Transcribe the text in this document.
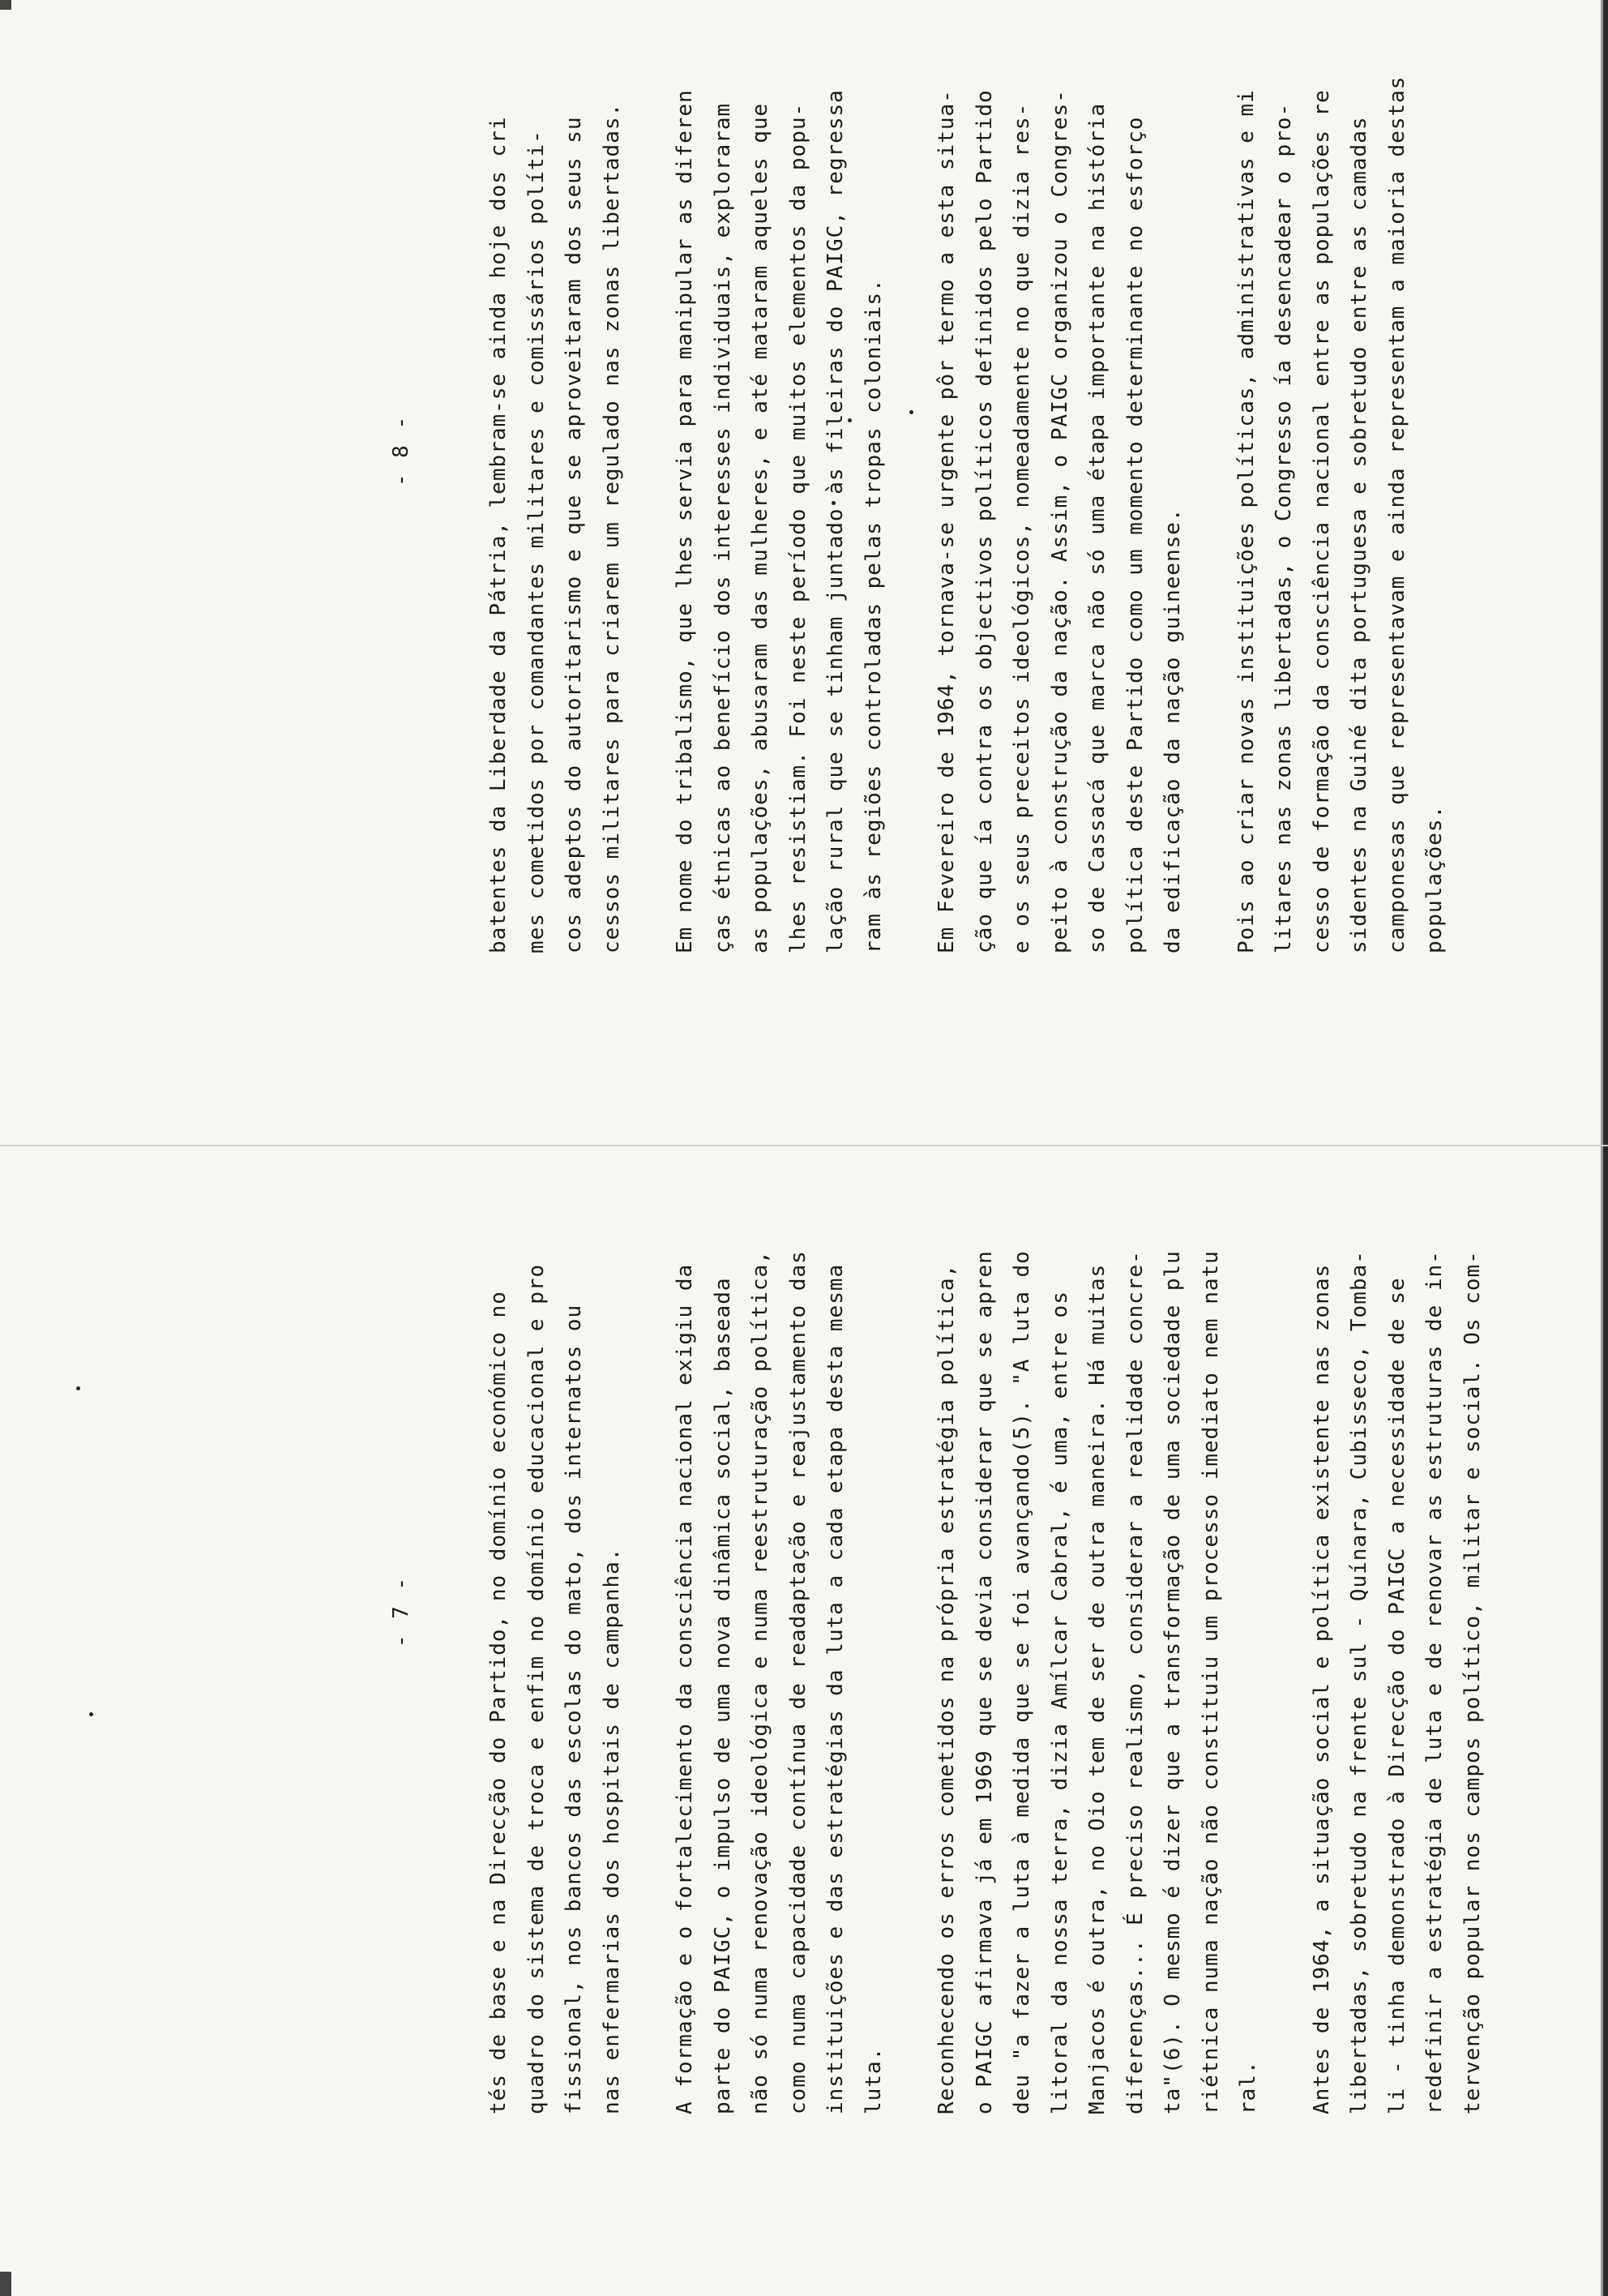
- 8 -	batentes da Liberdade da Pátria, lembram-se ainda hoje dos cri mes cometidos por comandantes militares e comissários políti- cos adeptos do autoritarismo e que se aproveitaram dos seus su cessos militares para criarem um regulado nas zonas libertadas.	Em nome do tribalismo, que lhes servia para manipular as diferen ças étnicas ao benefício dos interesses individuais, exploraram as populações, abusaram das mulheres, e até mataram aqueles que lhes resistiam. Foi neste período que muitos elementos da popu- lação rural que se tinham juntado às fileiras do PAIGC, regressa ram às regiões controladas pelas tropas coloniais.	Em Fevereiro de 1964, tornava-se urgente pôr termo a esta situa- ção que ía contra os objectivos políticos definidos pelo Partido e os seus preceitos ideológicos, nomeadamente no que dizia res- peito à construção da nação. Assim, o PAIGC organizou o Congres- so de Cassacá que marca não só uma étapa importante na história política deste Partido como um momento determinante no esforço da edificação da nação guineense.	Pois ao criar novas instituições políticas, administrativas e mi litares nas zonas libertadas, o Congresso ía desencadear o pro- cesso de formação da consciência nacional entre as populações re sidentes na Guiné dita portuguesa e sobretudo entre as camadas camponesas que representavam e ainda representam a maioria destas populações.
- 7 -	tés de base e na Direcção do Partido, no domínio económico no quadro do sistema de troca e enfim no domínio educacional e pro fissional, nos bancos das escolas do mato, dos internatos ou nas enfermarias dos hospitais de campanha.	A formação e o fortalecimento da consciência nacional exigiu da parte do PAIGC, o impulso de uma nova dinâmica social, baseada não só numa renovação ideológica e numa reestruturação política, como numa capacidade contínua de readaptação e reajustamento das instituições e das estratégias da luta a cada etapa desta mesma luta.	Reconhecendo os erros cometidos na própria estratégia política, o PAIGC afirmava já em 1969 que se devia considerar que se apren deu "a fazer a luta à medida que se foi avançando(5). "A luta do litoral da nossa terra, dizia Amílcar Cabral, é uma, entre os Manjacos é outra, no Oio tem de ser de outra maneira. Há muitas diferenças... É preciso realismo, considerar a realidade concre- ta"(6). O mesmo é dizer que a transformação de uma sociedade plu riétnica numa nação não constituiu um processo imediato nem natu ral.	Antes de 1964, a situação social e política existente nas zonas libertadas, sobretudo na frente sul - Quínara, Cubisseco, Tomba- li - tinha demonstrado à Direcção do PAIGC a necessidade de se redefinir a estratégia de luta e de renovar as estruturas de in- tervenção popular nos campos político, militar e social. Os com-
